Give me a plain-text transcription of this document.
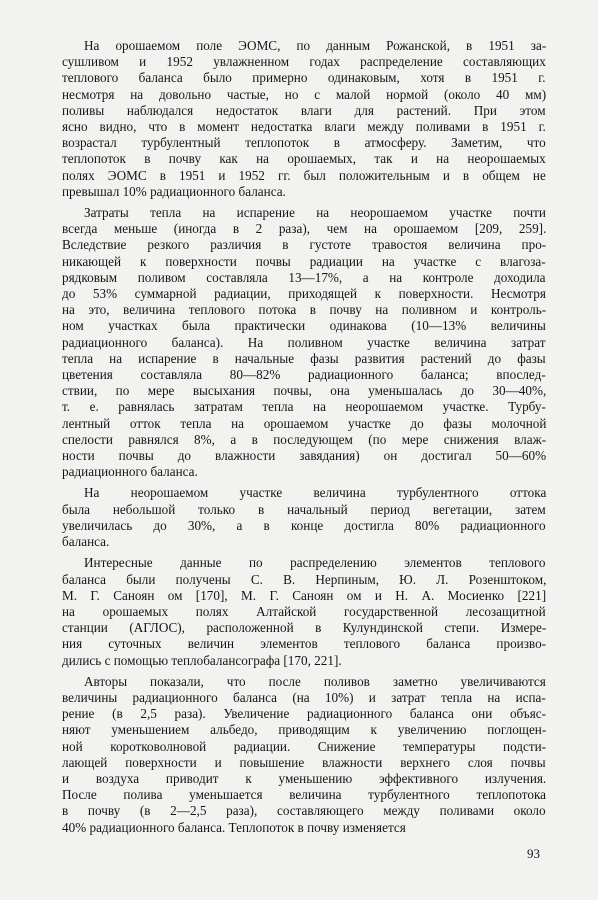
На орошаемом поле ЭОМС, по данным Рожанской, в 1951 за-
сушливом и 1952 увлажненном годах распределение составляющих
теплового баланса было примерно одинаковым, хотя в 1951 г.
несмотря на довольно частые, но с малой нормой (около 40 мм)
поливы наблюдался недостаток влаги для растений. При этом
ясно видно, что в момент недостатка влаги между поливами в 1951 г.
возрастал турбулентный теплопоток в атмосферу. Заметим, что
теплопоток в почву как на орошаемых, так и на неорошаемых
полях ЭОМС в 1951 и 1952 гг. был положительным и в общем не
превышал 10% радиационного баланса.

Затраты тепла на испарение на неорошаемом участке почти
всегда меньше (иногда в 2 раза), чем на орошаемом [209, 259].
Вследствие резкого различия в густоте травостоя величина про-
никающей к поверхности почвы радиации на участке с влагоза-
рядковым поливом составляла 13—17%, а на контроле доходила
до 53% суммарной радиации, приходящей к поверхности. Несмотря
на это, величина теплового потока в почву на поливном и контроль-
ном участках была практически одинакова (10—13% величины
радиационного баланса). На поливном участке величина затрат
тепла на испарение в начальные фазы развития растений до фазы
цветения составляла 80—82% радиационного баланса; впослед-
ствии, по мере высыхания почвы, она уменьшалась до 30—40%,
т. е. равнялась затратам тепла на неорошаемом участке. Турбу-
лентный отток тепла на орошаемом участке до фазы молочной
спелости равнялся 8%, а в последующем (по мере снижения влаж-
ности почвы до влажности завядания) он достигал 50—60%
радиационного баланса.

На неорошаемом участке величина турбулентного оттока
была небольшой только в начальный период вегетации, затем
увеличилась до 30%, а в конце достигла 80% радиационного
баланса.

Интересные данные по распределению элементов теплового
баланса были получены С. В. Нерпиным, Ю. Л. Розенштоком,
М. Г. Саноян ом [170], М. Г. Саноян ом и Н. А. Мосиенко [221]
на орошаемых полях Алтайской государственной лесозащитной
станции (АГЛОС), расположенной в Кулундинской степи. Измере-
ния суточных величин элементов теплового баланса произво-
дились с помощью теплобалансографа [170, 221].

Авторы показали, что после поливов заметно увеличиваются
величины радиационного баланса (на 10%) и затрат тепла на испа-
рение (в 2,5 раза). Увеличение радиационного баланса они объяс-
няют уменьшением альбедо, приводящим к увеличению поглощен-
ной коротковолновой радиации. Снижение температуры подсти-
лающей поверхности и повышение влажности верхнего слоя почвы
и воздуха приводит к уменьшению эффективного излучения.
После полива уменьшается величина турбулентного теплопотока
в почву (в 2—2,5 раза), составляющего между поливами около
40% радиационного баланса. Теплопоток в почву изменяется

93
